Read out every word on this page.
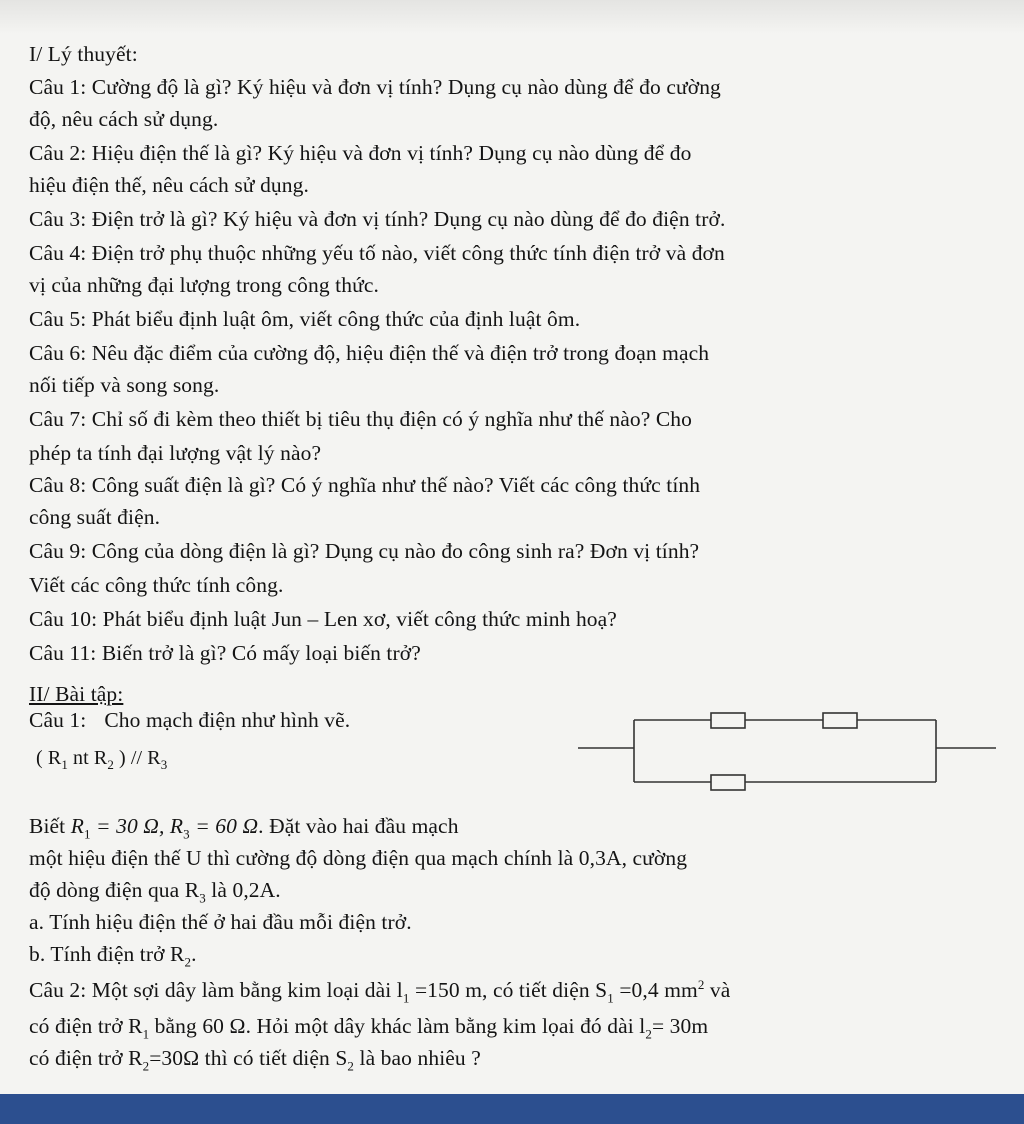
I/ Lý thuyết:
Câu 1: Cường độ là gì? Ký hiệu và đơn vị tính? Dụng cụ nào dùng để đo cường
độ, nêu cách sử dụng.
Câu 2: Hiệu điện thế là gì? Ký hiệu và đơn vị tính? Dụng cụ nào dùng để đo
hiệu điện thế, nêu cách sử dụng.
Câu 3: Điện trở là gì? Ký hiệu và đơn vị tính? Dụng cụ nào dùng để đo điện trở.
Câu 4: Điện trở phụ thuộc những yếu tố nào, viết công thức tính điện trở và đơn
vị của những đại lượng trong công thức.
Câu 5: Phát biểu định luật ôm, viết công thức của định luật ôm.
Câu 6: Nêu đặc điểm của cường độ, hiệu điện thế và điện trở trong đoạn mạch
nối tiếp và song song.
Câu 7: Chỉ số đi kèm theo thiết bị tiêu thụ điện có ý nghĩa như thế nào? Cho
phép ta tính đại lượng vật lý nào?
Câu 8: Công suất điện là gì? Có ý nghĩa như thế nào? Viết các công thức tính
công suất điện.
Câu 9: Công của dòng điện là gì? Dụng cụ nào đo công sinh ra? Đơn vị tính?
Viết các công thức tính công.
Câu 10: Phát biểu định luật Jun – Len xơ, viết công thức minh hoạ?
Câu 11: Biến trở là gì? Có mấy loại biến trở?
II/ Bài tập:
Câu 1: Cho mạch điện như hình vẽ.
( $R_1$ nt $R_2$ ) // $R_3$
Biết $R_1 = 30$ Ω, $R_3 = 60$ Ω. Đặt vào hai đầu mạch
một hiệu điện thế U thì cường độ dòng điện qua mạch chính là 0,3A, cường
độ dòng điện qua $R_3$ là 0,2A.
a. Tính hiệu điện thế ở hai đầu mỗi điện trở.
b. Tính điện trở $R_2$.
Câu 2: Một sợi dây làm bằng kim loại dài $l_1 =150$ m, có tiết diện $S_1 =0,4$ $mm^2$ và
có điện trở $R_1$ bằng 60 Ω. Hỏi một dây khác làm bằng kim lọai đó dài $l_2= 30m$
có điện trở $R_2=30\Omega$ thì có tiết diện $S_2$ là bao nhiêu ?
